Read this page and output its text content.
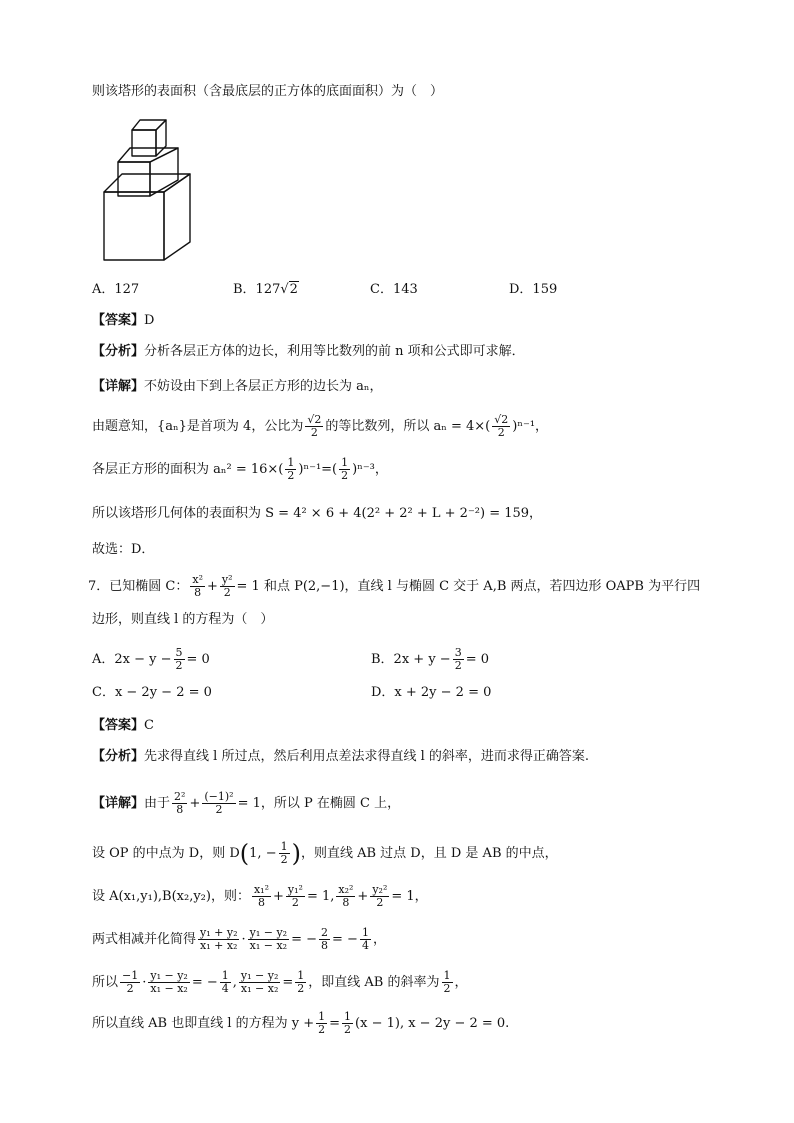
则该塔形的表面积（含最底层的正方体的底面面积）为（　）
A．127	B．127√2	C．143	D．159
【答案】D
【分析】分析各层正方体的边长，利用等比数列的前 n 项和公式即可求解．
【详解】不妨设由下到上各层正方形的边长为 aₙ，
由题意知，{aₙ}是首项为 4，公比为 $\frac{√2}{2}$ 的等比数列，所以 $a_n = 4\times( \frac{√2}{2} )^{n-1}$，
各层正方形的面积为 $a_n^2 = 16\times( \frac{1}{2} )^{n-1}=( \frac{1}{2} )^{n-3}$，
所以该塔形几何体的表面积为 S = 4² × 6 + 4(2² + 2² + L + 2⁻²) = 159，
故选：D．
7．已知椭圆 C： $\frac{\text{x²}}{8} + \frac{\text{y²}}{2} = 1$ 和点 P(2,−1)，直线 l 与椭圆 C 交于 A,B 两点，若四边形 OAPB 为平行四
边形，则直线 l 的方程为（　）
A．$2x - y - \frac{5}{2} = 0$	B．$2x + y - \frac{3}{2} = 0$
C．x − 2y − 2 = 0	D．x + 2y − 2 = 0
【答案】C
【分析】先求得直线 l 所过点，然后利用点差法求得直线 l 的斜率，进而求得正确答案.
【详解】由于 $\frac{\text{2²}}{8} + \frac{\text{(−1)²}}{2} = 1$，所以 P 在椭圆 C 上，
设 OP 的中点为 D，则 D(1, − $\frac{1}{2}$ )，则直线 AB 过点 D，且 D 是 AB 的中点，
设 A(x₁,y₁),B(x₂,y₂)，则： $\frac{\text{x₁²}}{8} + \frac{\text{y₁²}}{2} = 1$, $\frac{\text{x₂²}}{8} + \frac{\text{y₂²}}{2} = 1$，
两式相减并化简得 $\frac{\text{y₁ + y₂}}{\text{x₁ + x₂}} \cdot \frac{\text{y₁ − y₂}}{\text{x₁ − x₂}}$ = − $\frac{2}{8}$ = − $\frac{1}{4}$ ，
所以 $\frac{-1}{2} \cdot \frac{\text{y₁ − y₂}}{\text{x₁ − x₂}}$ = − $\frac{1}{4}$ , $\frac{\text{y₁ − y₂}}{\text{x₁ − x₂}} = \frac{1}{2}$ ，即直线 AB 的斜率为 $\frac{1}{2}$ ，
所以直线 AB 也即直线 l 的方程为 $y + \frac{1}{2} = \frac{1}{2} (x - 1)$, x − 2y − 2 = 0.
